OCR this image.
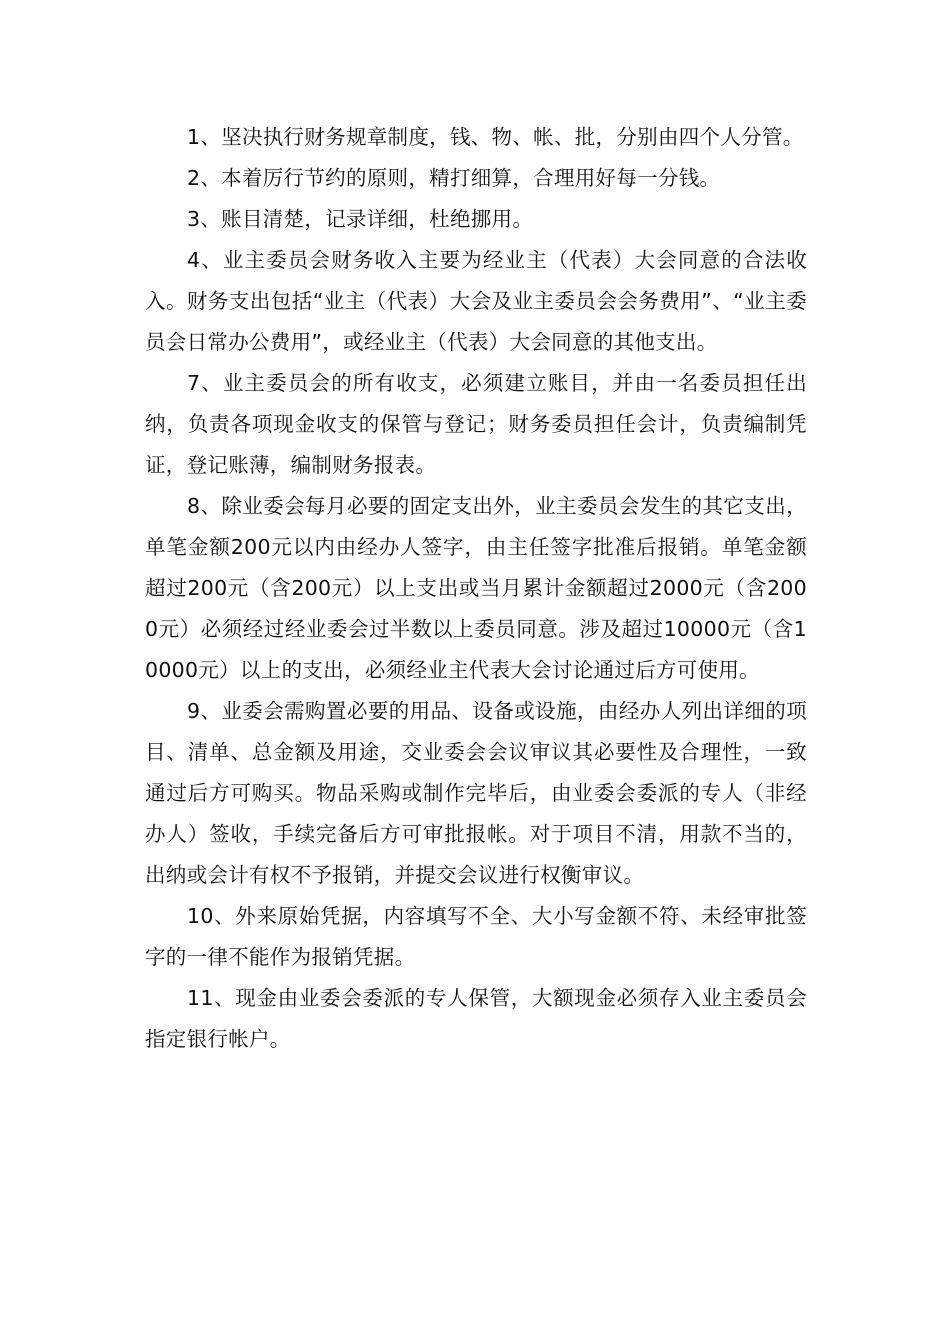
1、坚决执行财务规章制度，钱、物、帐、批，分别由四个人分管。

2、本着厉行节约的原则，精打细算，合理用好每一分钱。

3、账目清楚，记录详细，杜绝挪用。

4、业主委员会财务收入主要为经业主（代表）大会同意的合法收入。财务支出包括“业主（代表）大会及业主委员会会务费用”、“业主委员会日常办公费用”，或经业主（代表）大会同意的其他支出。

7、业主委员会的所有收支，必须建立账目，并由一名委员担任出纳，负责各项现金收支的保管与登记；财务委员担任会计，负责编制凭证，登记账薄，编制财务报表。

8、除业委会每月必要的固定支出外，业主委员会发生的其它支出，单笔金额200元以内由经办人签字，由主任签字批准后报销。单笔金额超过200元（含200元）以上支出或当月累计金额超过2000元（含2000元）必须经过经业委会过半数以上委员同意。涉及超过10000元（含10000元）以上的支出，必须经业主代表大会讨论通过后方可使用。

9、业委会需购置必要的用品、设备或设施，由经办人列出详细的项目、清单、总金额及用途，交业委会会议审议其必要性及合理性，一致通过后方可购买。物品采购或制作完毕后，由业委会委派的专人（非经办人）签收，手续完备后方可审批报帐。对于项目不清，用款不当的，出纳或会计有权不予报销，并提交会议进行权衡审议。

10、外来原始凭据，内容填写不全、大小写金额不符、未经审批签字的一律不能作为报销凭据。

11、现金由业委会委派的专人保管，大额现金必须存入业主委员会指定银行帐户。
